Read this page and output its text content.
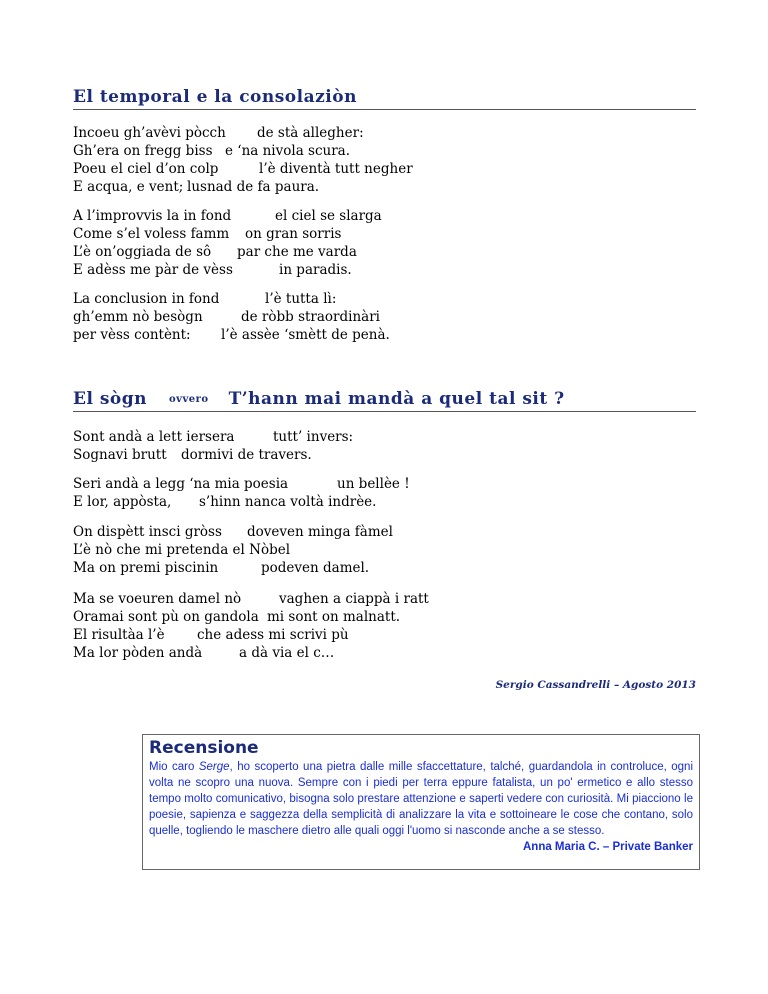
El temporal e la consolaziòn
Incoeu gh’avèvi pòcch de stà allegher:
Gh’era on fregg biss e ‘na nivola scura.
Poeu el ciel d’on colp	l’è diventà tutt negher
E acqua, e vent; lusnad de fa paura.
A l’improvvis la in fond	el ciel se slarga
Come s’el voless famm on gran sorris
L’è on’oggiada de sô par che me varda
E adèss me pàr de vèss	in paradis.
La conclusion in fond	l’è tutta lì:
gh’emm nò besògn	de ròbb straordinàri
per vèss contènt: l’è assèe ‘smètt de penà.
El sògn ovvero T’hann mai mandà a quel tal sit ?
Sont andà a lett iersera	tutt’ invers:
Sognavi brutt dormivi de travers.
Seri andà a legg ‘na mia poesia	un bellèe !
E lor, appòsta, s’hinn nanca voltà indrèe.
On dispètt insci gròss doveven minga fàmel
L’è nò che mi pretenda el Nòbel
Ma on premi piscinin	podeven damel.
Ma se voeuren damel nò	vaghen a ciappà i ratt
Oramai sont pù on gandola mi sont on malnatt.
El risultàa l’è che adess mi scrivi pù
Ma lor pòden andà	a dà via el c…
Sergio Cassandrelli – Agosto 2013
Recensione
Mio caro Serge, ho scoperto una pietra dalle mille sfaccettature, talché, guardandola in controluce, ogni volta ne scopro una nuova. Sempre con i piedi per terra eppure fatalista, un po' ermetico e allo stesso tempo molto comunicativo, bisogna solo prestare attenzione e saperti vedere con curiosità. Mi piacciono le poesie, sapienza e saggezza della semplicità di analizzare la vita e sottoineare le cose che contano, solo quelle, togliendo le maschere dietro alle quali oggi l'uomo si nasconde anche a se stesso.
Anna Maria C. – Private Banker
